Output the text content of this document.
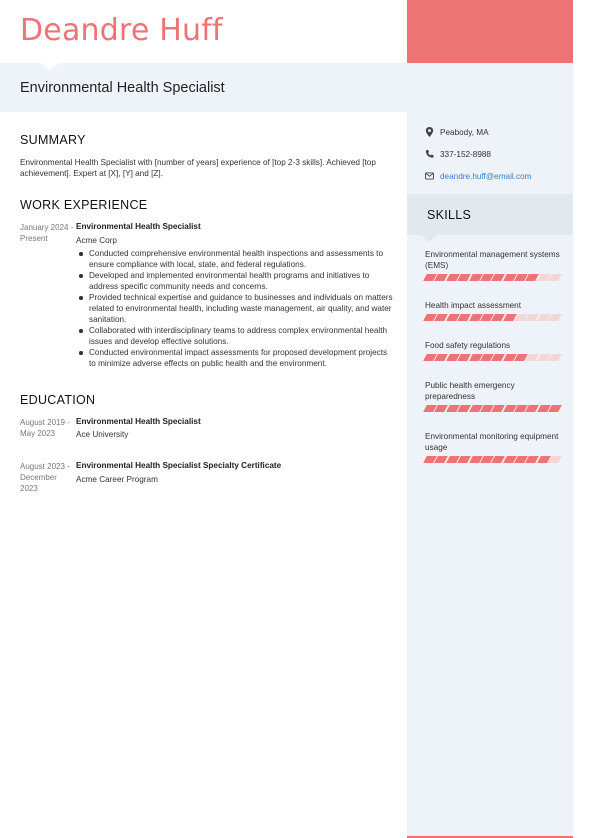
Deandre Huff
Environmental Health Specialist
SUMMARY

Environmental Health Specialist with [number of years] experience of [top 2-3 skills]. Achieved [top achievement]. Expert at [X], [Y] and [Z].

WORK EXPERIENCE
January 2024 - Present
Environmental Health Specialist
Acme Corp
Conducted comprehensive environmental health inspections and assessments to ensure compliance with local, state, and federal regulations.
Developed and implemented environmental health programs and initiatives to address specific community needs and concerns.
Provided technical expertise and guidance to businesses and individuals on matters related to environmental health, including waste management, air quality, and water sanitation.
Collaborated with interdisciplinary teams to address complex environmental health issues and develop effective solutions.
Conducted environmental impact assessments for proposed development projects to minimize adverse effects on public health and the environment.
EDUCATION
August 2019 - May 2023
Environmental Health Specialist
Ace University
August 2023 - December 2023
Environmental Health Specialist Specialty Certificate
Acme Career Program
Peabody, MA
337-152-8988
deandre.huff@email.com
SKILLS
Environmental management systems (EMS)
Health impact assessment
Food safety regulations
Public health emergency preparedness
Environmental monitoring equipment usage
